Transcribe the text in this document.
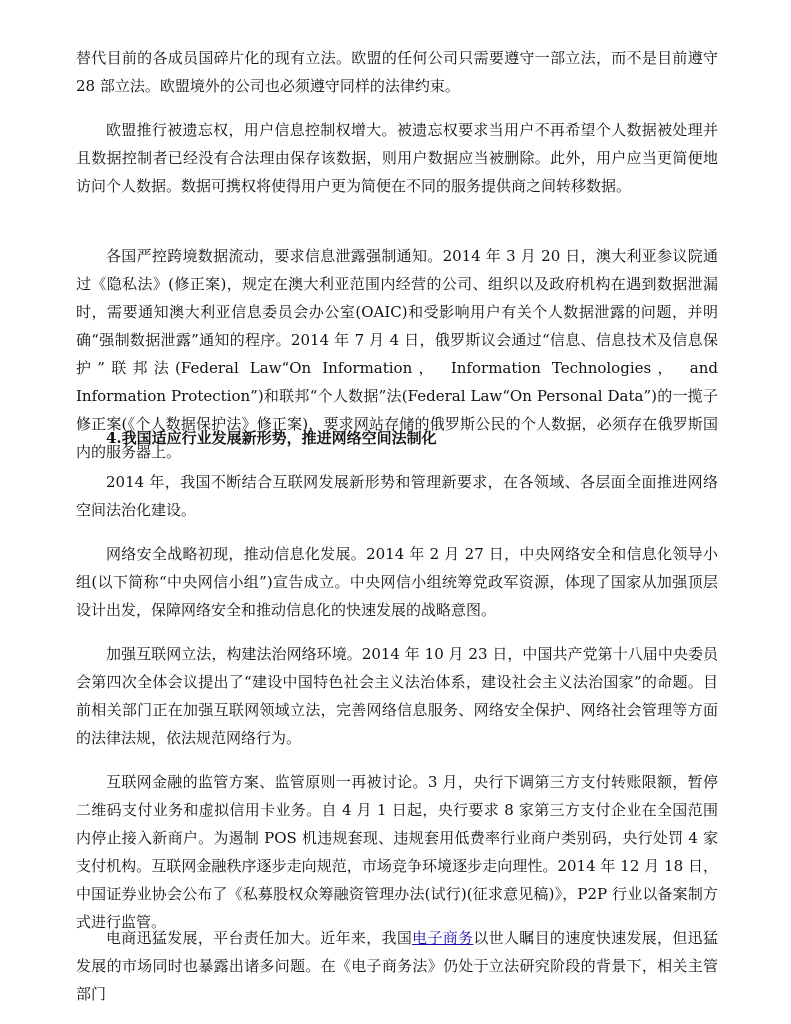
替代目前的各成员国碎片化的现有立法。欧盟的任何公司只需要遵守一部立法，而不是目前遵守 28 部立法。欧盟境外的公司也必须遵守同样的法律约束。

欧盟推行被遗忘权，用户信息控制权增大。被遗忘权要求当用户不再希望个人数据被处理并且数据控制者已经没有合法理由保存该数据，则用户数据应当被删除。此外，用户应当更简便地访问个人数据。数据可携权将使得用户更为简便在不同的服务提供商之间转移数据。

各国严控跨境数据流动，要求信息泄露强制通知。2014 年 3 月 20 日，澳大利亚参议院通过《隐私法》(修正案)，规定在澳大利亚范围内经营的公司、组织以及政府机构在遇到数据泄漏时，需要通知澳大利亚信息委员会办公室(OAIC)和受影响用户有关个人数据泄露的问题，并明确“强制数据泄露”通知的程序。2014 年 7 月 4 日，俄罗斯议会通过“信息、信息技术及信息保护”联邦法(Federal Law“On Information， Information Technologies， and Information Protection”)和联邦“个人数据”法(Federal Law“On Personal Data”)的一揽子修正案(《个人数据保护法》修正案)，要求网站存储的俄罗斯公民的个人数据，必须存在俄罗斯国内的服务器上。

4.我国适应行业发展新形势，推进网络空间法制化

2014 年，我国不断结合互联网发展新形势和管理新要求，在各领域、各层面全面推进网络空间法治化建设。

网络安全战略初现，推动信息化发展。2014 年 2 月 27 日，中央网络安全和信息化领导小组(以下简称“中央网信小组”)宣告成立。中央网信小组统筹党政军资源，体现了国家从加强顶层设计出发，保障网络安全和推动信息化的快速发展的战略意图。

加强互联网立法，构建法治网络环境。2014 年 10 月 23 日，中国共产党第十八届中央委员会第四次全体会议提出了“建设中国特色社会主义法治体系，建设社会主义法治国家”的命题。目前相关部门正在加强互联网领域立法，完善网络信息服务、网络安全保护、网络社会管理等方面的法律法规，依法规范网络行为。

互联网金融的监管方案、监管原则一再被讨论。3 月，央行下调第三方支付转账限额，暂停二维码支付业务和虚拟信用卡业务。自 4 月 1 日起，央行要求 8 家第三方支付企业在全国范围内停止接入新商户。为遏制 POS 机违规套现、违规套用低费率行业商户类别码，央行处罚 4 家支付机构。互联网金融秩序逐步走向规范，市场竞争环境逐步走向理性。2014 年 12 月 18 日，中国证券业协会公布了《私募股权众筹融资管理办法(试行)(征求意见稿)》，P2P 行业以备案制方式进行监管。

电商迅猛发展，平台责任加大。近年来，我国电子商务以世人瞩目的速度快速发展，但迅猛发展的市场同时也暴露出诸多问题。在《电子商务法》仍处于立法研究阶段的背景下，相关主管部门
